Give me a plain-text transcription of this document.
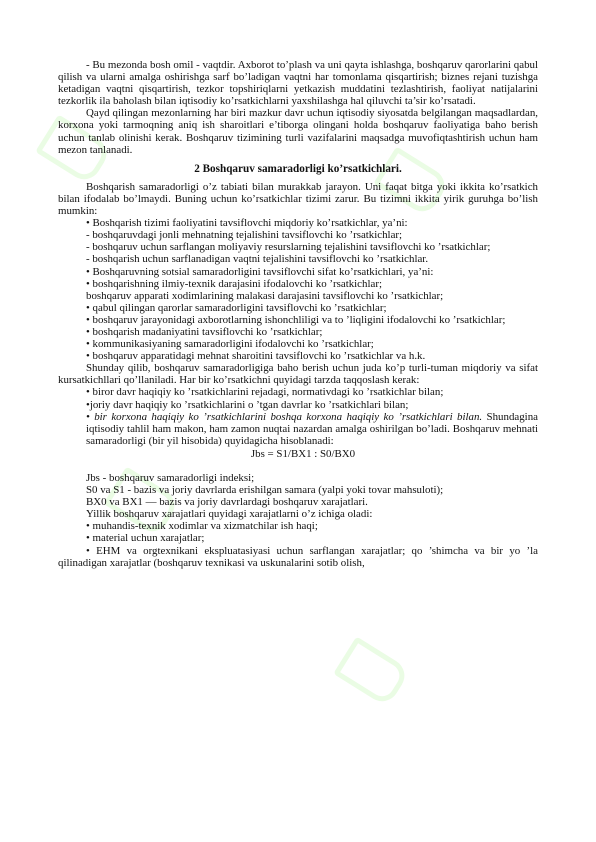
- Bu mezonda bosh omil - vaqtdir. Axborot to’plash va uni qayta ishlashga, boshqaruv qarorlarini qabul qilish va ularni amalga oshirishga sarf bo’ladigan vaqtni har tomonlama qisqartirish; biznes rejani tuzishga ketadigan vaqtni qisqartirish, tezkor topshiriqlarni yetkazish muddatini tezlashtirish, faoliyat natijalarini tezkorlik ila baholash bilan iqtisodiy ko’rsatkichlarni yaxshilashga hal qiluvchi ta’sir ko’rsatadi.

Qayd qilingan mezonlarning har biri mazkur davr uchun iqtisodiy siyosatda belgilangan maqsadlardan, korxona yoki tarmoqning aniq ish sharoitlari e’tiborga olingani holda boshqaruv faoliyatiga baho berish uchun tanlab olinishi kerak. Boshqaruv tizimining turli vazifalarini maqsadga muvofiqtashtirish uchun ham mezon tanlanadi.

2 Boshqaruv samaradorligi ko’rsatkichlari.

Boshqarish samaradorligi o’z tabiati bilan murakkab jarayon. Uni faqat bitga yoki ikkita ko’rsatkich bilan ifodalab bo’lmaydi. Buning uchun ko’rsatkichlar tizimi zarur. Bu tizimni ikkita yirik guruhga bo’lish mumkin:

• Boshqarish tizimi faoliyatini tavsiflovchi miqdoriy ko’rsatkichlar, ya’ni:

- boshqaruvdagi jonli mehnatning tejalishini tavsiflovchi ko ’rsatkichlar;

- boshqaruv uchun sarflangan moliyaviy resurslarning tejalishini tavsiflovchi ko ’rsatkichlar;

- boshqarish uchun sarflanadigan vaqtni tejalishini tavsiflovchi ko ’rsatkichlar.

• Boshqaruvning sotsial samaradorligini tavsiflovchi sifat ko’rsatkichlari, ya’ni:

• boshqarishning ilmiy-texnik darajasini ifodalovchi ko ’rsatkichlar;

boshqaruv apparati xodimlarining malakasi darajasini tavsiflovchi ko ’rsatkichlar;

• qabul qilingan qarorlar samaradorligini tavsiflovchi ko ’rsatkichlar;

• boshqaruv jarayonidagi axborotlarning ishonchliligi va to ’liqligini ifodalovchi ko ’rsatkichlar;

• boshqarish madaniyatini tavsiflovchi ko ’rsatkichlar;

• kommunikasiyaning samaradorligini ifodalovchi ko ’rsatkichlar;

• boshqaruv apparatidagi mehnat sharoitini tavsiflovchi ko ’rsatkichlar va h.k.

Shunday qilib, boshqaruv samaradorligiga baho berish uchun juda ko’p turli-tuman miqdoriy va sifat kursatkichllari qo’llaniladi. Har bir ko’rsatkichni quyidagi tarzda taqqoslash kerak:

• biror davr haqiqiy ko ’rsatkichlarini rejadagi, normativdagi ko ’rsatkichlar bilan;

•joriy davr haqiqiy ko ’rsatkichlarini o ’tgan davrlar ko ’rsatkichlari bilan;

• bir korxona haqiqiy ko ’rsatkichlarini boshqa korxona haqiqiy ko ’rsatkichlari bilan. Shundagina iqtisodiy tahlil ham makon, ham zamon nuqtai nazardan amalga oshirilgan bo’ladi. Boshqaruv mehnati samaradorligi (bir yil hisobida) quyidagicha hisoblanadi:

Jbs = S1/BX1 : S0/BX0

Jbs - boshqaruv samaradorligi indeksi;

S0 va S1 - bazis va joriy davrlarda erishilgan samara (yalpi yoki tovar mahsuloti);

BX0 va BX1 — bazis va joriy davrlardagi boshqaruv xarajatlari.

Yillik boshqaruv xarajatlari quyidagi xarajatlarni o’z ichiga oladi:

• muhandis-texnik xodimlar va xizmatchilar ish haqi;

• material uchun xarajatlar;

• EHM va orgtexnikani ekspluatasiyasi uchun sarflangan xarajatlar; qo ’shimcha va bir yo ’la qilinadigan xarajatlar (boshqaruv texnikasi va uskunalarini sotib olish,
